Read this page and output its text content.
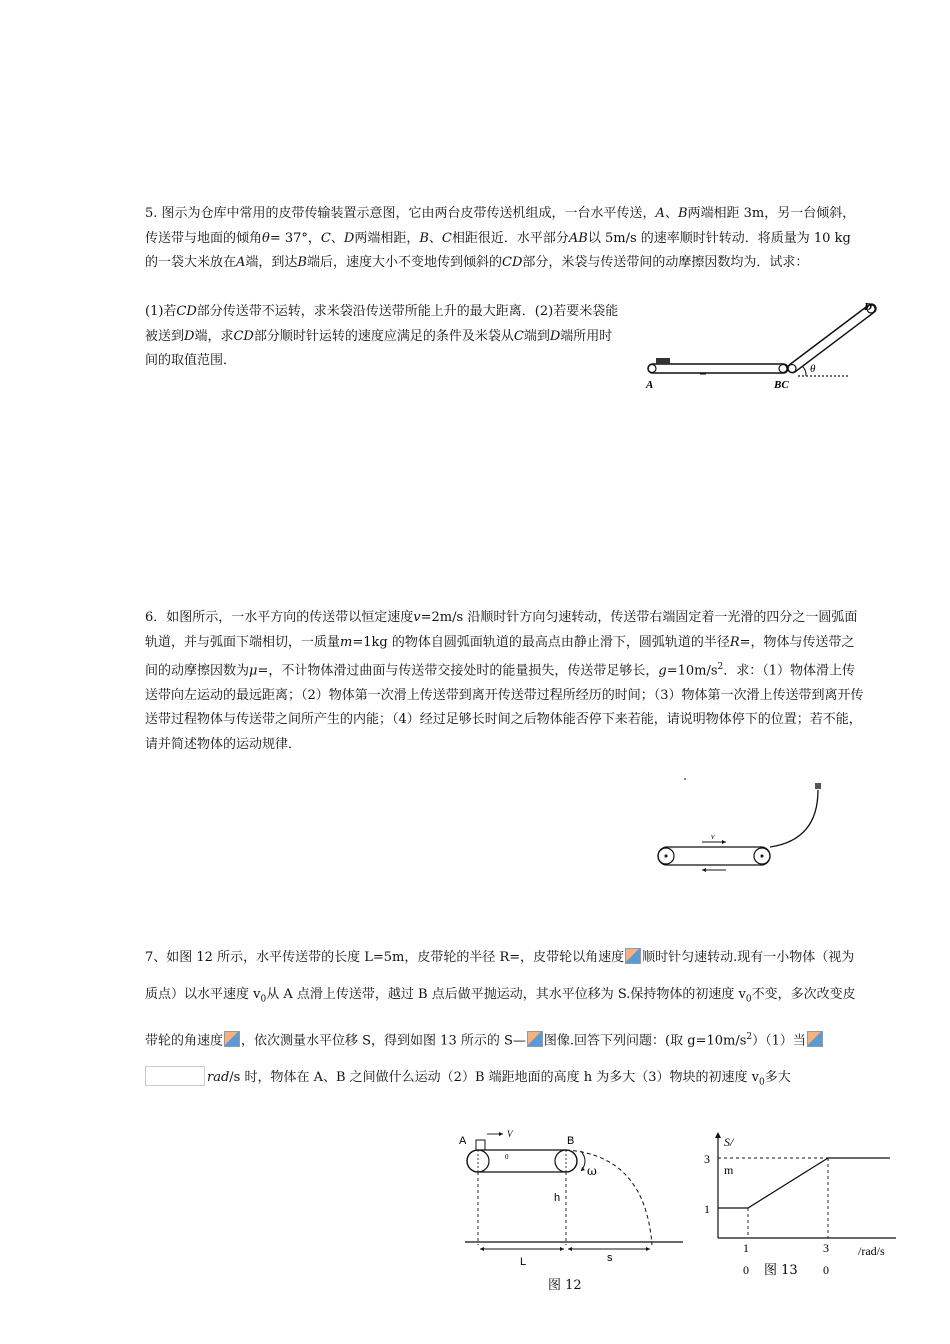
5. 图示为仓库中常用的皮带传输装置示意图，它由两台皮带传送机组成，一台水平传送，A、B两端相距 3m，另一台倾斜，传送带与地面的倾角θ= 37°，C、D两端相距，B、C相距很近．水平部分AB以 5m/s 的速率顺时针转动．将质量为 10 kg 的一袋大米放在A端，到达B端后，速度大小不变地传到倾斜的CD部分，米袋与传送带间的动摩擦因数均为．试求：

(1)若CD部分传送带不运转，求米袋沿传送带所能上升的最大距离．(2)若要米袋能被送到D端，求CD部分顺时针运转的速度应满足的条件及米袋从C端到D端所用时间的取值范围．

A	BC
θ
D

6．如图所示，一水平方向的传送带以恒定速度v=2m/s 沿顺时针方向匀速转动，传送带右端固定着一光滑的四分之一圆弧面轨道，并与弧面下端相切，一质量m=1kg 的物体自圆弧面轨道的最高点由静止滑下，圆弧轨道的半径R=，物体与传送带之间的动摩擦因数为μ=，不计物体滑过曲面与传送带交接处时的能量损失，传送带足够长，$g=10m/s^2$．求：（1）物体滑上传送带向左运动的最远距离；（2）物体第一次滑上传送带到离开传送带过程所经历的时间；（3）物体第一次滑上传送带到离开传送带过程物体与传送带之间所产生的内能；（4）经过足够长时间之后物体能否停下来若能，请说明物体停下的位置；若不能，请并简述物体的运动规律．

v

7、如图 12 所示，水平传送带的长度 L=5m，皮带轮的半径 R=，皮带轮以角速度 顺时针匀速转动.现有一小物体（视为质点）以水平速度 $v_0$从 A 点滑上传送带，越过 B 点后做平抛运动，其水平位移为 S.保持物体的初速度 $v_0$不变，多次改变皮带轮的角速度 ，依次测量水平位移 S，得到如图 13 所示的 S— 图像.回答下列问题：(取 $g=10m/s^2)(1)$当rad/s 时，物体在 A、B 之间做什么运动（2）B 端距地面的高度 h 为多大（3）物块的初速度 $v_0$多大

A	B
V
0
ω
h
L	s
图 12
S/
m
3
1
1
0
3
0
/rad/s
图 13
